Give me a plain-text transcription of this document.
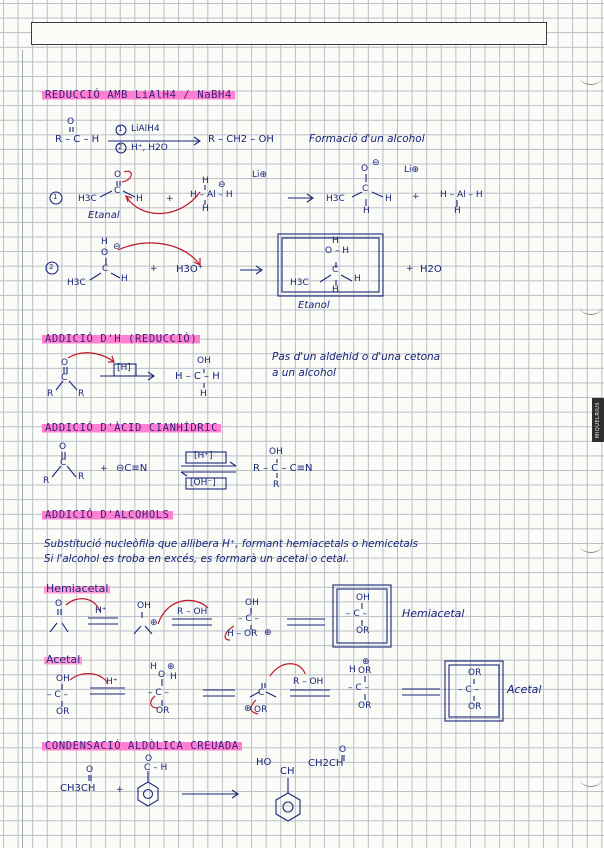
MIQUELRIUS
REDUCCIÓ AMB LiAlH4 / NaBH4
O
R – C – H
1 LiAlH4
2 H⁺, H2O
R – CH2 – OH	Formació d'un alcohol
1
O
C
H3C	H
Etanal
+
H
H – Al – H
⊖
H
Li⊕
O
⊖
H3C
C
H
H
Li⊕
+ H – Al – H
H
2
H
O
⊖
C
H3C	H
+ H3O⁺
H
O – H
C
H3C	H
H
Etanol
+ H2O
ADDICIÓ D'H (REDUCCIÓ)
O
C
R	R
[H]
OH
H – C – H
H
Pas d'un aldehid o d'una cetona
a un alcohol
ADDICIÓ D'ÀCID CIANHÍDRIC
O
C
R	R
+ ⊖C≡N
[H⁺]
[OH⁻]
OH
R – C – C≡N
R
ADDICIÓ D'ALCOHOLS
Substitució nucleòfila que allibera H⁺, formant hemiacetals o hemicetals
Si l'alcohol es troba en excés, es formarà un acetal o cetal.
Hemiacetal
O
H⁺	OH
⊕
R – OH
OH
– C –
H – OR ⊕
OH
– C –
OR
Hemiacetal
Acetal
OH
– C –
OR
H⁺
H
O
⊕
H
– C –
OR
C
⊕ OR
R – OH
H
⊕
OR
– C –
OR
OR
– C –
OR
Acetal
CONDENSACIÓ ALDÒLICA CREUADA
O
CH3CH +
O
C – H	HO
CH
CH2CH
O
